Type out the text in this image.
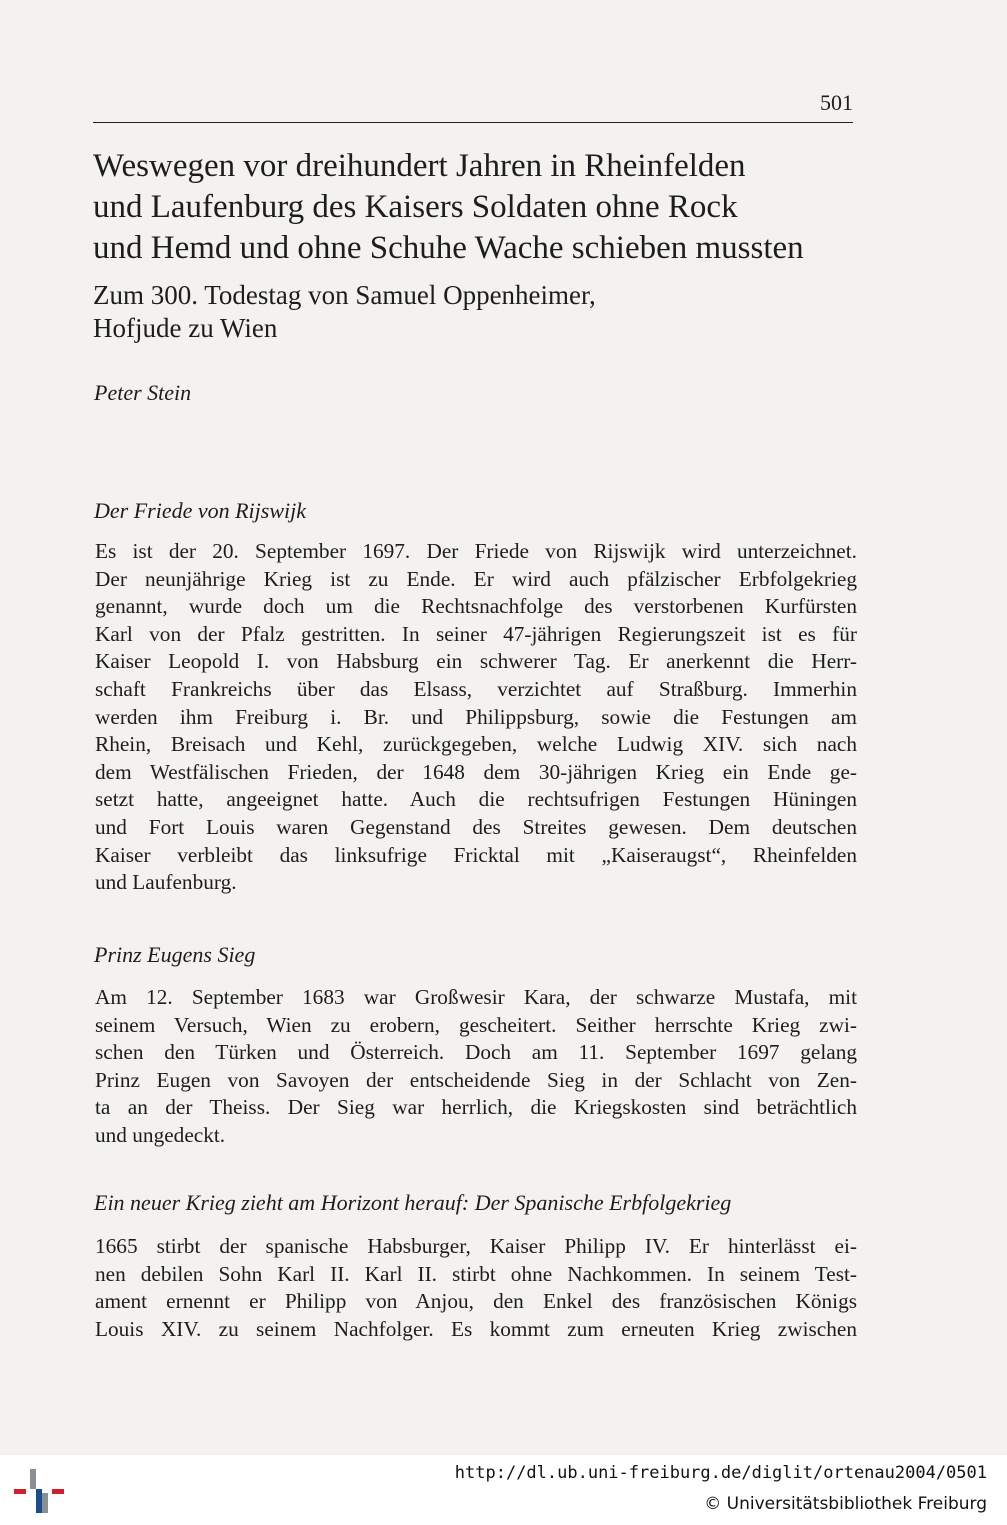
501
Weswegen vor dreihundert Jahren in Rheinfelden
und Laufenburg des Kaisers Soldaten ohne Rock
und Hemd und ohne Schuhe Wache schieben mussten
Zum 300. Todestag von Samuel Oppenheimer,
Hofjude zu Wien
Peter Stein
Der Friede von Rijswijk
Es ist der 20. September 1697. Der Friede von Rijswijk wird unterzeichnet.
Der neunjährige Krieg ist zu Ende. Er wird auch pfälzischer Erbfolgekrieg
genannt, wurde doch um die Rechtsnachfolge des verstorbenen Kurfürsten
Karl von der Pfalz gestritten. In seiner 47-jährigen Regierungszeit ist es für
Kaiser Leopold I. von Habsburg ein schwerer Tag. Er anerkennt die Herr-
schaft Frankreichs über das Elsass, verzichtet auf Straßburg. Immerhin
werden ihm Freiburg i. Br. und Philippsburg, sowie die Festungen am
Rhein, Breisach und Kehl, zurückgegeben, welche Ludwig XIV. sich nach
dem Westfälischen Frieden, der 1648 dem 30-jährigen Krieg ein Ende ge-
setzt hatte, angeeignet hatte. Auch die rechtsufrigen Festungen Hüningen
und Fort Louis waren Gegenstand des Streites gewesen. Dem deutschen
Kaiser verbleibt das linksufrige Fricktal mit „Kaiseraugst“, Rheinfelden
und Laufenburg.
Prinz Eugens Sieg
Am 12. September 1683 war Großwesir Kara, der schwarze Mustafa, mit
seinem Versuch, Wien zu erobern, gescheitert. Seither herrschte Krieg zwi-
schen den Türken und Österreich. Doch am 11. September 1697 gelang
Prinz Eugen von Savoyen der entscheidende Sieg in der Schlacht von Zen-
ta an der Theiss. Der Sieg war herrlich, die Kriegskosten sind beträchtlich
und ungedeckt.
Ein neuer Krieg zieht am Horizont herauf: Der Spanische Erbfolgekrieg
1665 stirbt der spanische Habsburger, Kaiser Philipp IV. Er hinterlässt ei-
nen debilen Sohn Karl II. Karl II. stirbt ohne Nachkommen. In seinem Test-
ament ernennt er Philipp von Anjou, den Enkel des französischen Königs
Louis XIV. zu seinem Nachfolger. Es kommt zum erneuten Krieg zwischen
http://dl.ub.uni-freiburg.de/diglit/ortenau2004/0501
© Universitätsbibliothek Freiburg
